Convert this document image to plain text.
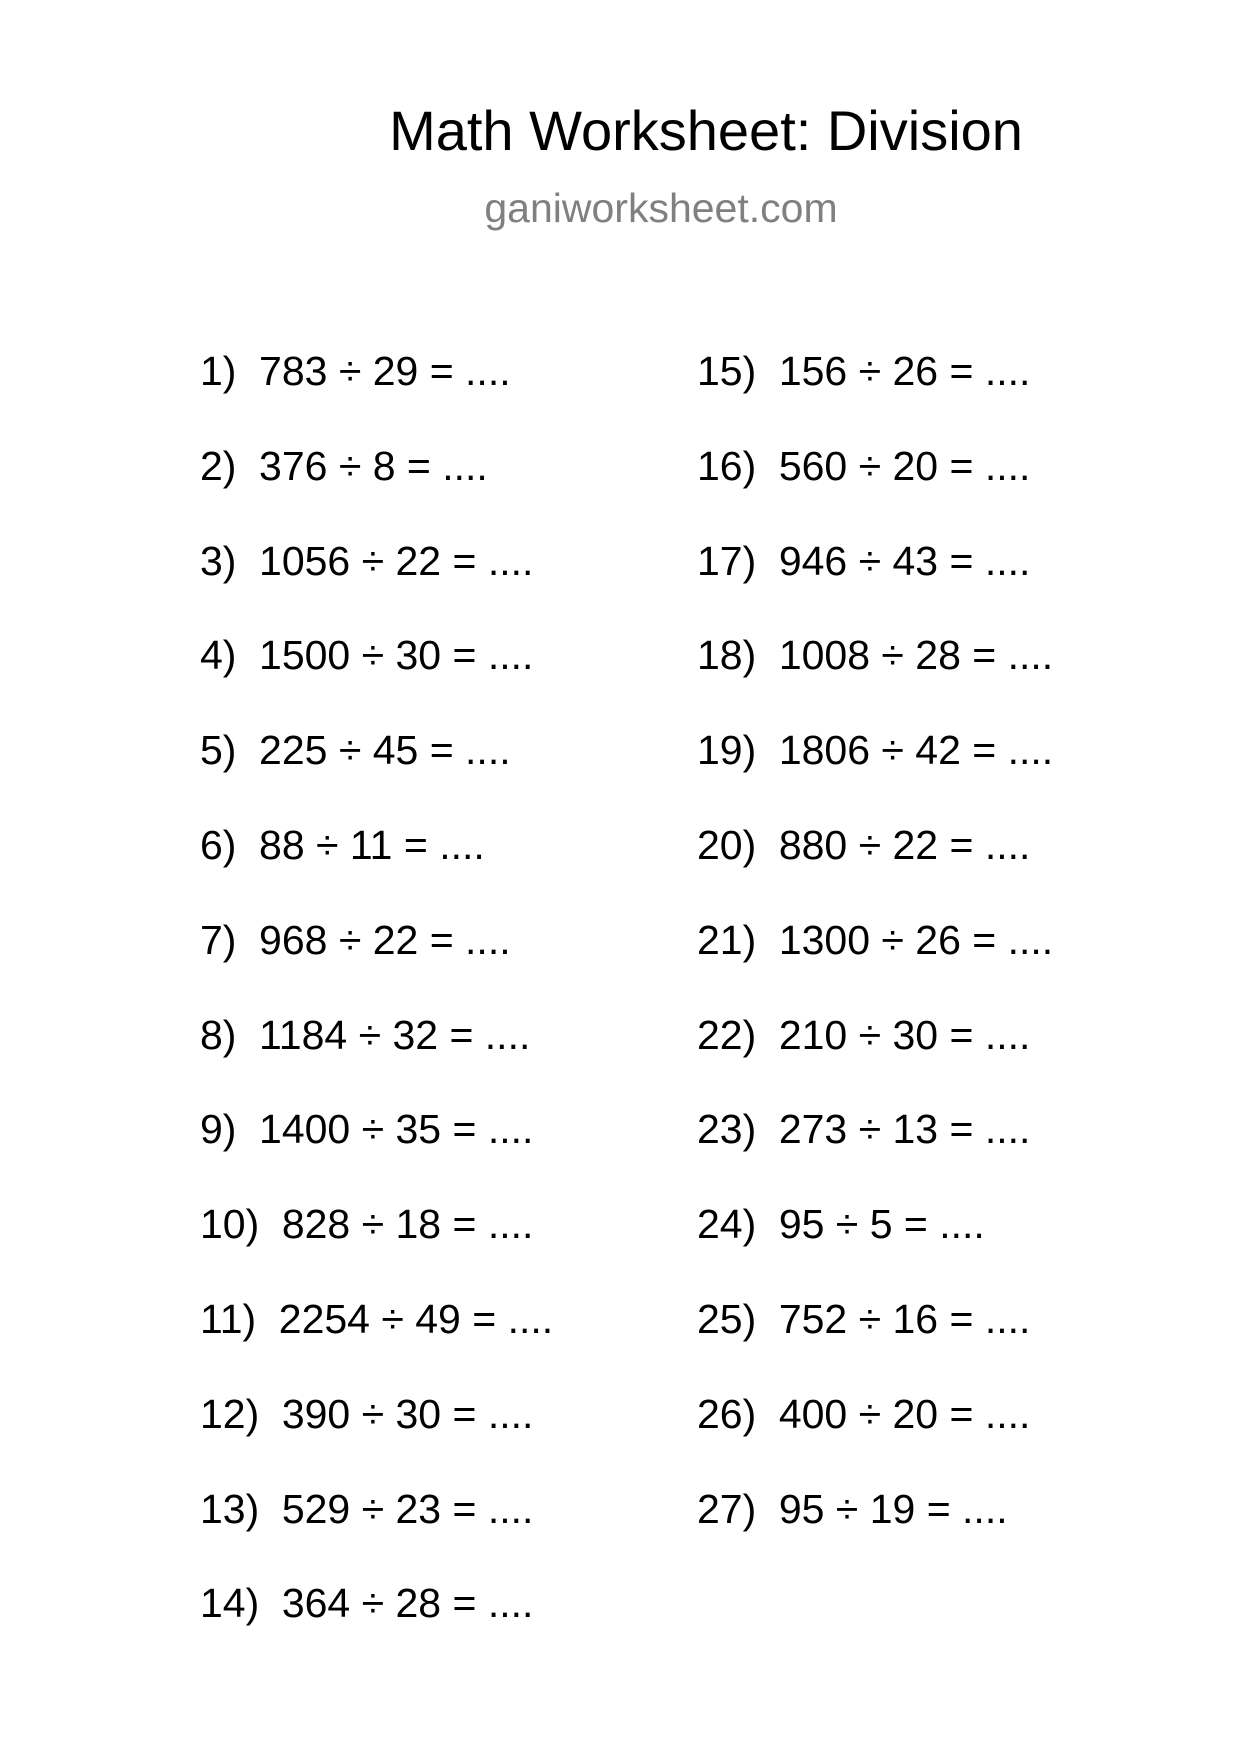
Math Worksheet: Division
ganiworksheet.com
1) 783 ÷ 29 = ....
2) 376 ÷ 8 = ....
3) 1056 ÷ 22 = ....
4) 1500 ÷ 30 = ....
5) 225 ÷ 45 = ....
6) 88 ÷ 11 = ....
7) 968 ÷ 22 = ....
8) 1184 ÷ 32 = ....
9) 1400 ÷ 35 = ....
10) 828 ÷ 18 = ....
11) 2254 ÷ 49 = ....
12) 390 ÷ 30 = ....
13) 529 ÷ 23 = ....
14) 364 ÷ 28 = ....
15) 156 ÷ 26 = ....
16) 560 ÷ 20 = ....
17) 946 ÷ 43 = ....
18) 1008 ÷ 28 = ....
19) 1806 ÷ 42 = ....
20) 880 ÷ 22 = ....
21) 1300 ÷ 26 = ....
22) 210 ÷ 30 = ....
23) 273 ÷ 13 = ....
24) 95 ÷ 5 = ....
25) 752 ÷ 16 = ....
26) 400 ÷ 20 = ....
27) 95 ÷ 19 = ....
